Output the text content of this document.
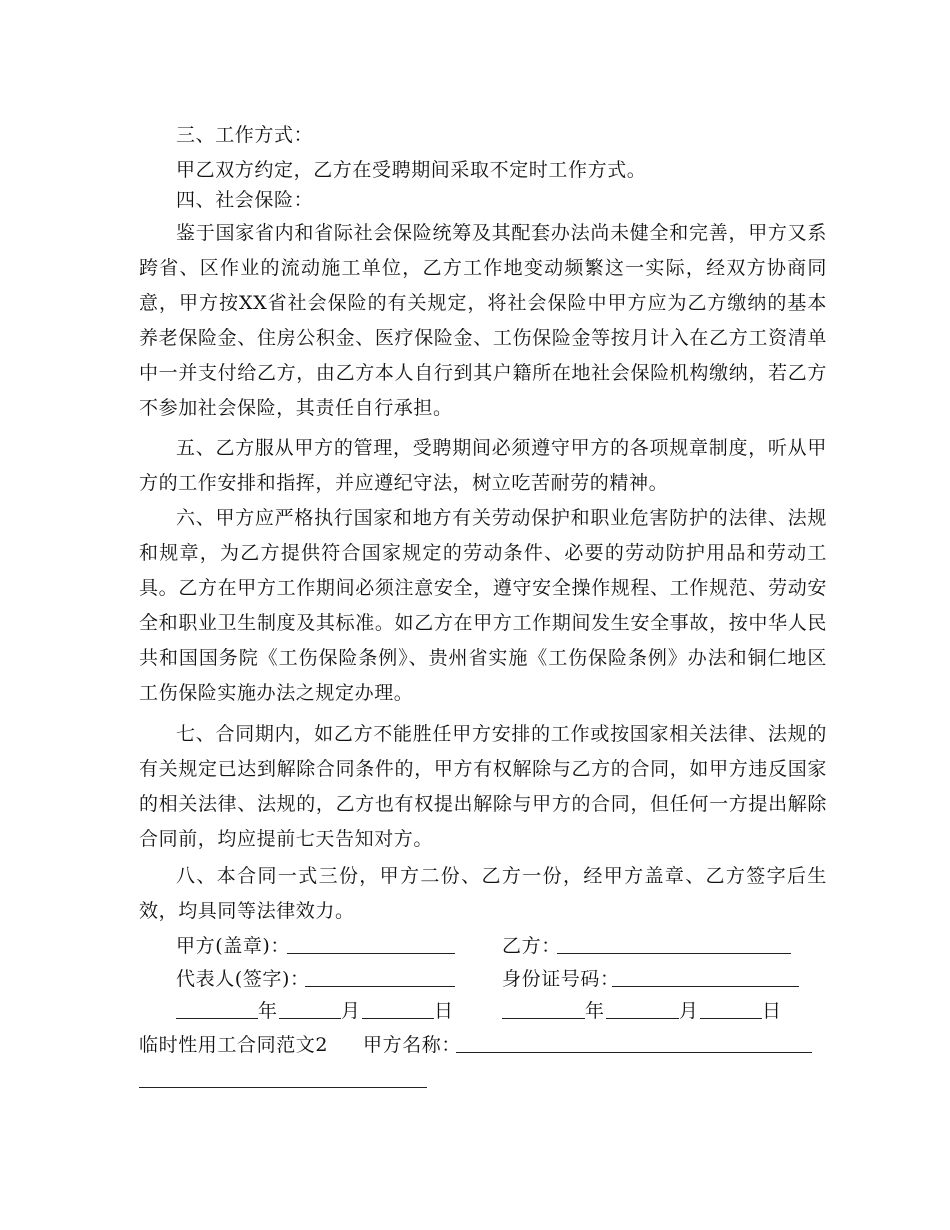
三、工作方式：

甲乙双方约定，乙方在受聘期间采取不定时工作方式。

四、社会保险：

鉴于国家省内和省际社会保险统筹及其配套办法尚未健全和完善，甲方又系跨省、区作业的流动施工单位，乙方工作地变动频繁这一实际，经双方协商同意，甲方按XX省社会保险的有关规定，将社会保险中甲方应为乙方缴纳的基本养老保险金、住房公积金、医疗保险金、工伤保险金等按月计入在乙方工资清单中一并支付给乙方，由乙方本人自行到其户籍所在地社会保险机构缴纳，若乙方不参加社会保险，其责任自行承担。

五、乙方服从甲方的管理，受聘期间必须遵守甲方的各项规章制度，听从甲方的工作安排和指挥，并应遵纪守法，树立吃苦耐劳的精神。

六、甲方应严格执行国家和地方有关劳动保护和职业危害防护的法律、法规和规章，为乙方提供符合国家规定的劳动条件、必要的劳动防护用品和劳动工具。乙方在甲方工作期间必须注意安全，遵守安全操作规程、工作规范、劳动安全和职业卫生制度及其标准。如乙方在甲方工作期间发生安全事故，按中华人民共和国国务院《工伤保险条例》、贵州省实施《工伤保险条例》办法和铜仁地区工伤保险实施办法之规定办理。

七、合同期内，如乙方不能胜任甲方安排的工作或按国家相关法律、法规的有关规定已达到解除合同条件的，甲方有权解除与乙方的合同，如甲方违反国家的相关法律、法规的，乙方也有权提出解除与甲方的合同，但任何一方提出解除合同前，均应提前七天告知对方。

八、本合同一式三份，甲方二份、乙方一份，经甲方盖章、乙方签字后生效，均具同等法律效力。

甲方(盖章)：	乙方：
代表人(签字)：	身份证号码：
年	月	日	年	月	日
临时性用工合同范文2 甲方名称：
